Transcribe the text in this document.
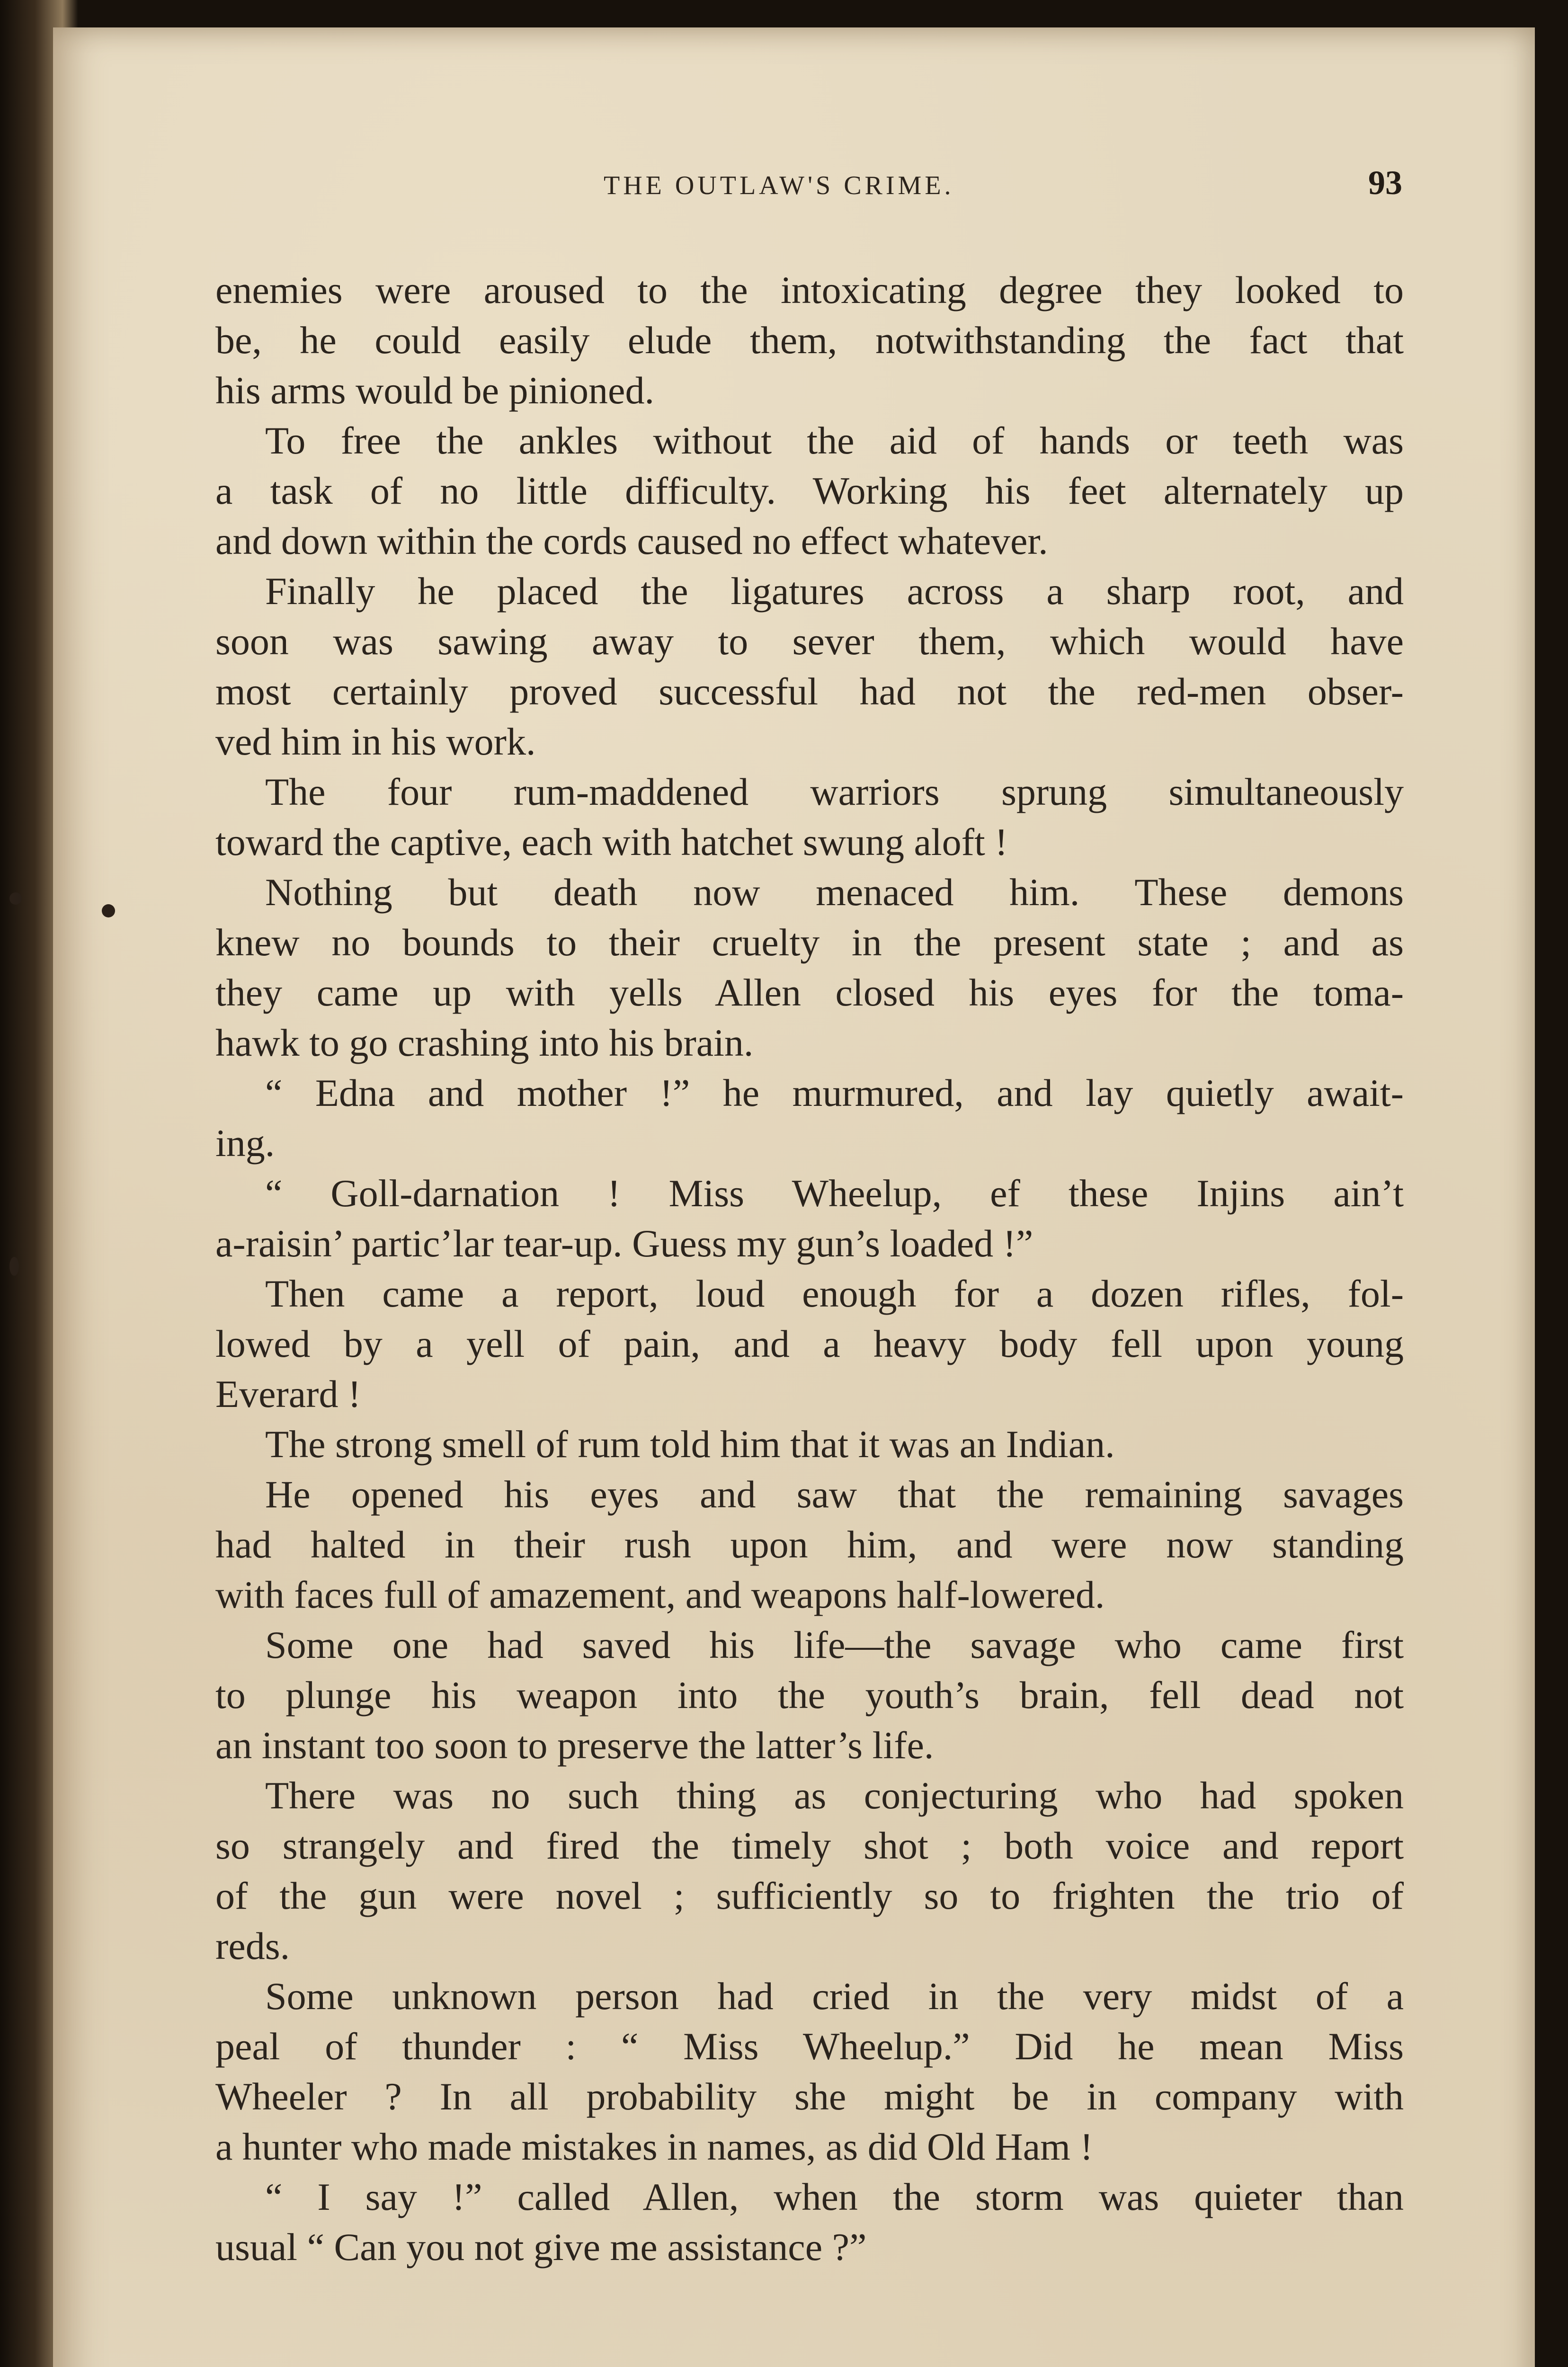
THE OUTLAW'S CRIME.	93
enemies were aroused to the intoxicating degree they looked to
be, he could easily elude them, notwithstanding the fact that
his arms would be pinioned.
To free the ankles without the aid of hands or teeth was
a task of no little difficulty. Working his feet alternately up
and down within the cords caused no effect whatever.
Finally he placed the ligatures across a sharp root, and
soon was sawing away to sever them, which would have
most certainly proved successful had not the red-men obser-
ved him in his work.
The four rum-maddened warriors sprung simultaneously
toward the captive, each with hatchet swung aloft !
Nothing but death now menaced him. These demons
knew no bounds to their cruelty in the present state ; and as
they came up with yells Allen closed his eyes for the toma-
hawk to go crashing into his brain.
“ Edna and mother !” he murmured, and lay quietly await-
ing.
“ Goll-darnation ! Miss Wheelup, ef these Injins ain’t
a-raisin’ partic’lar tear-up. Guess my gun’s loaded !”
Then came a report, loud enough for a dozen rifles, fol-
lowed by a yell of pain, and a heavy body fell upon young
Everard !
The strong smell of rum told him that it was an Indian.
He opened his eyes and saw that the remaining savages
had halted in their rush upon him, and were now standing
with faces full of amazement, and weapons half-lowered.
Some one had saved his life—the savage who came first
to plunge his weapon into the youth’s brain, fell dead not
an instant too soon to preserve the latter’s life.
There was no such thing as conjecturing who had spoken
so strangely and fired the timely shot ; both voice and report
of the gun were novel ; sufficiently so to frighten the trio of
reds.
Some unknown person had cried in the very midst of a
peal of thunder : “ Miss Wheelup.” Did he mean Miss
Wheeler ? In all probability she might be in company with
a hunter who made mistakes in names, as did Old Ham !
“ I say !” called Allen, when the storm was quieter than
usual “ Can you not give me assistance ?”
